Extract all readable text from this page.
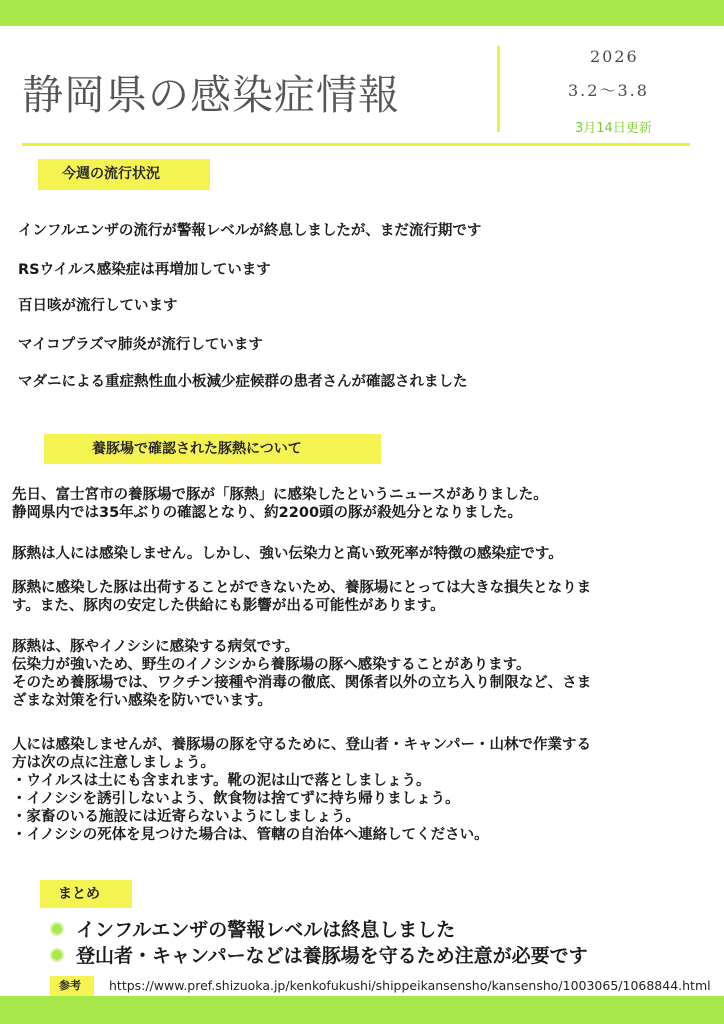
静岡県の感染症情報
2026
3.2～3.8
3月14日更新
今週の流行状況
インフルエンザの流行が警報レベルが終息しましたが、まだ流行期です
RSウイルス感染症は再増加しています
百日咳が流行しています
マイコプラズマ肺炎が流行しています
マダニによる重症熱性血小板減少症候群の患者さんが確認されました
養豚場で確認された豚熱について
先日、富士宮市の養豚場で豚が「豚熱」に感染したというニュースがありました。
静岡県内では35年ぶりの確認となり、約2200頭の豚が殺処分となりました。
豚熱は人には感染しません。しかし、強い伝染力と高い致死率が特徴の感染症です。
豚熱に感染した豚は出荷することができないため、養豚場にとっては大きな損失となりま
す。また、豚肉の安定した供給にも影響が出る可能性があります。
豚熱は、豚やイノシシに感染する病気です。
伝染力が強いため、野生のイノシシから養豚場の豚へ感染することがあります。
そのため養豚場では、ワクチン接種や消毒の徹底、関係者以外の立ち入り制限など、さま
ざまな対策を行い感染を防いでいます。
人には感染しませんが、養豚場の豚を守るために、登山者・キャンパー・山林で作業する
方は次の点に注意しましょう。
・ウイルスは土にも含まれます。靴の泥は山で落としましょう。
・イノシシを誘引しないよう、飲食物は捨てずに持ち帰りましょう。
・家畜のいる施設には近寄らないようにしましょう。
・イノシシの死体を見つけた場合は、管轄の自治体へ連絡してください。
まとめ
インフルエンザの警報レベルは終息しました
登山者・キャンパーなどは養豚場を守るため注意が必要です
参考	https://www.pref.shizuoka.jp/kenkofukushi/shippeikansensho/kansensho/1003065/1068844.html
